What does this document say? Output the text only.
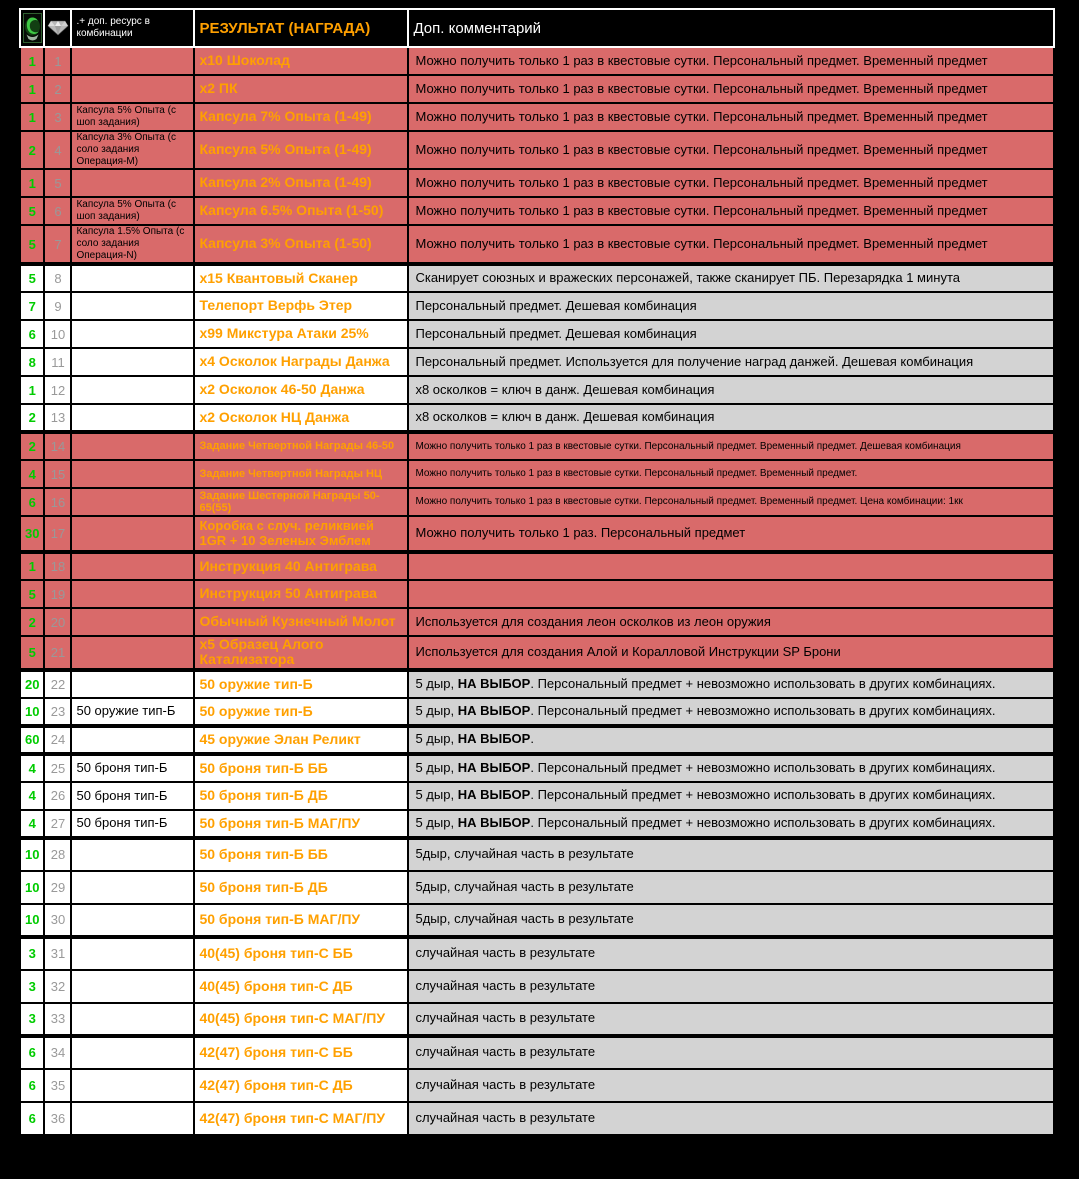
	.+ доп. ресурс в комбинации	РЕЗУЛЬТАТ (НАГРАДА)	Доп. комментарий
1	1		x10 Шоколад	Можно получить только 1 раз в квестовые сутки. Персональный предмет. Временный предмет
1	2		x2 ПК	Можно получить только 1 раз в квестовые сутки. Персональный предмет. Временный предмет
1	3	Капсула 5% Опыта (с шоп задания)	Капсула 7% Опыта (1-49)	Можно получить только 1 раз в квестовые сутки. Персональный предмет. Временный предмет
2	4	Капсула 3% Опыта (с соло задания Операция-М)	Капсула 5% Опыта (1-49)	Можно получить только 1 раз в квестовые сутки. Персональный предмет. Временный предмет
1	5		Капсула 2% Опыта (1-49)	Можно получить только 1 раз в квестовые сутки. Персональный предмет. Временный предмет
5	6	Капсула 5% Опыта (с шоп задания)	Капсула 6.5% Опыта (1-50)	Можно получить только 1 раз в квестовые сутки. Персональный предмет. Временный предмет
5	7	Капсула 1.5% Опыта (с соло задания Операция-N)	Капсула 3% Опыта (1-50)	Можно получить только 1 раз в квестовые сутки. Персональный предмет. Временный предмет
5	8		x15 Квантовый Сканер	Сканирует союзных и вражеских персонажей, также сканирует ПБ. Перезарядка 1 минута
7	9		Телепорт Верфь Этер	Персональный предмет. Дешевая комбинация
6	10		x99 Микстура Атаки 25%	Персональный предмет. Дешевая комбинация
8	11		x4 Осколок Награды Данжа	Персональный предмет. Используется для получение наград данжей. Дешевая комбинация
1	12		x2 Осколок 46-50 Данжа	x8 осколков = ключ в данж. Дешевая комбинация
2	13		x2 Осколок НЦ Данжа	x8 осколков = ключ в данж. Дешевая комбинация
2	14		Задание Четвертной Награды 46-50	Можно получить только 1 раз в квестовые сутки. Персональный предмет. Временный предмет. Дешевая комбинация
4	15		Задание Четвертной Награды НЦ	Можно получить только 1 раз в квестовые сутки. Персональный предмет. Временный предмет.
6	16		Задание Шестерной Награды 50-65(55)	Можно получить только 1 раз в квестовые сутки. Персональный предмет. Временный предмет. Цена комбинации: 1кк
30	17		Коробка с случ. реликвией 1GR + 10 Зеленых Эмблем	Можно получить только 1 раз. Персональный предмет
1	18		Инструкция 40 Антиграва	
5	19		Инструкция 50 Антиграва	
2	20		Обычный Кузнечный Молот	Используется для создания леон осколков из леон оружия
5	21		x5 Образец Алого Катализатора	Используется для создания Алой и Коралловой Инструкции SP Брони
20	22		50 оружие тип-Б	5 дыр, НА ВЫБОР. Персональный предмет + невозможно использовать в других комбинациях.
10	23	50 оружие тип-Б	50 оружие тип-Б	5 дыр, НА ВЫБОР. Персональный предмет + невозможно использовать в других комбинациях.
60	24		45 оружие Элан Реликт	5 дыр, НА ВЫБОР.
4	25	50 броня тип-Б	50 броня тип-Б ББ	5 дыр, НА ВЫБОР. Персональный предмет + невозможно использовать в других комбинациях.
4	26	50 броня тип-Б	50 броня тип-Б ДБ	5 дыр, НА ВЫБОР. Персональный предмет + невозможно использовать в других комбинациях.
4	27	50 броня тип-Б	50 броня тип-Б МАГ/ПУ	5 дыр, НА ВЫБОР. Персональный предмет + невозможно использовать в других комбинациях.
10	28		50 броня тип-Б ББ	5дыр, случайная часть в результате
10	29		50 броня тип-Б ДБ	5дыр, случайная часть в результате
10	30		50 броня тип-Б МАГ/ПУ	5дыр, случайная часть в результате
3	31		40(45) броня тип-С ББ	случайная часть в результате
3	32		40(45) броня тип-С ДБ	случайная часть в результате
3	33		40(45) броня тип-С МАГ/ПУ	случайная часть в результате
6	34		42(47) броня тип-С ББ	случайная часть в результате
6	35		42(47) броня тип-С ДБ	случайная часть в результате
6	36		42(47) броня тип-С МАГ/ПУ	случайная часть в результате
